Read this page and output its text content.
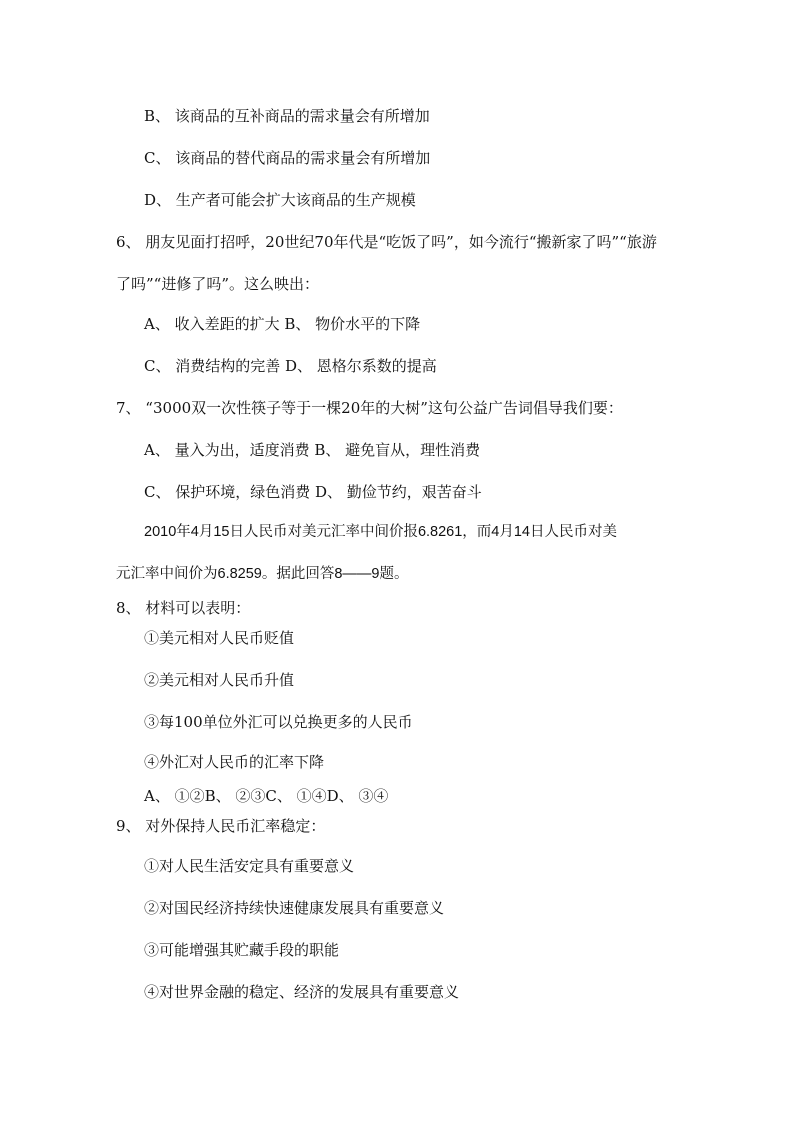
B、 该商品的互补商品的需求量会有所增加
C、 该商品的替代商品的需求量会有所增加
D、 生产者可能会扩大该商品的生产规模
6、 朋友见面打招呼，20世纪70年代是“吃饭了吗”，如今流行“搬新家了吗”“旅游
了吗”“进修了吗”。这么映出：
A、 收入差距的扩大 B、 物价水平的下降
C、 消费结构的完善 D、 恩格尔系数的提高
7、 “3000双一次性筷子等于一棵20年的大树”这句公益广告词倡导我们要：
A、 量入为出，适度消费 B、 避免盲从，理性消费
C、 保护环境，绿色消费 D、 勤俭节约，艰苦奋斗
2010年4月15日人民币对美元汇率中间价报6.8261，而4月14日人民币对美
元汇率中间价为6.8259。据此回答8——9题。
8、 材料可以表明：
①美元相对人民币贬值
②美元相对人民币升值
③每100单位外汇可以兑换更多的人民币
④外汇对人民币的汇率下降
A、 ①②B、 ②③C、 ①④D、 ③④
9、 对外保持人民币汇率稳定：
①对人民生活安定具有重要意义
②对国民经济持续快速健康发展具有重要意义
③可能增强其贮藏手段的职能
④对世界金融的稳定、经济的发展具有重要意义
